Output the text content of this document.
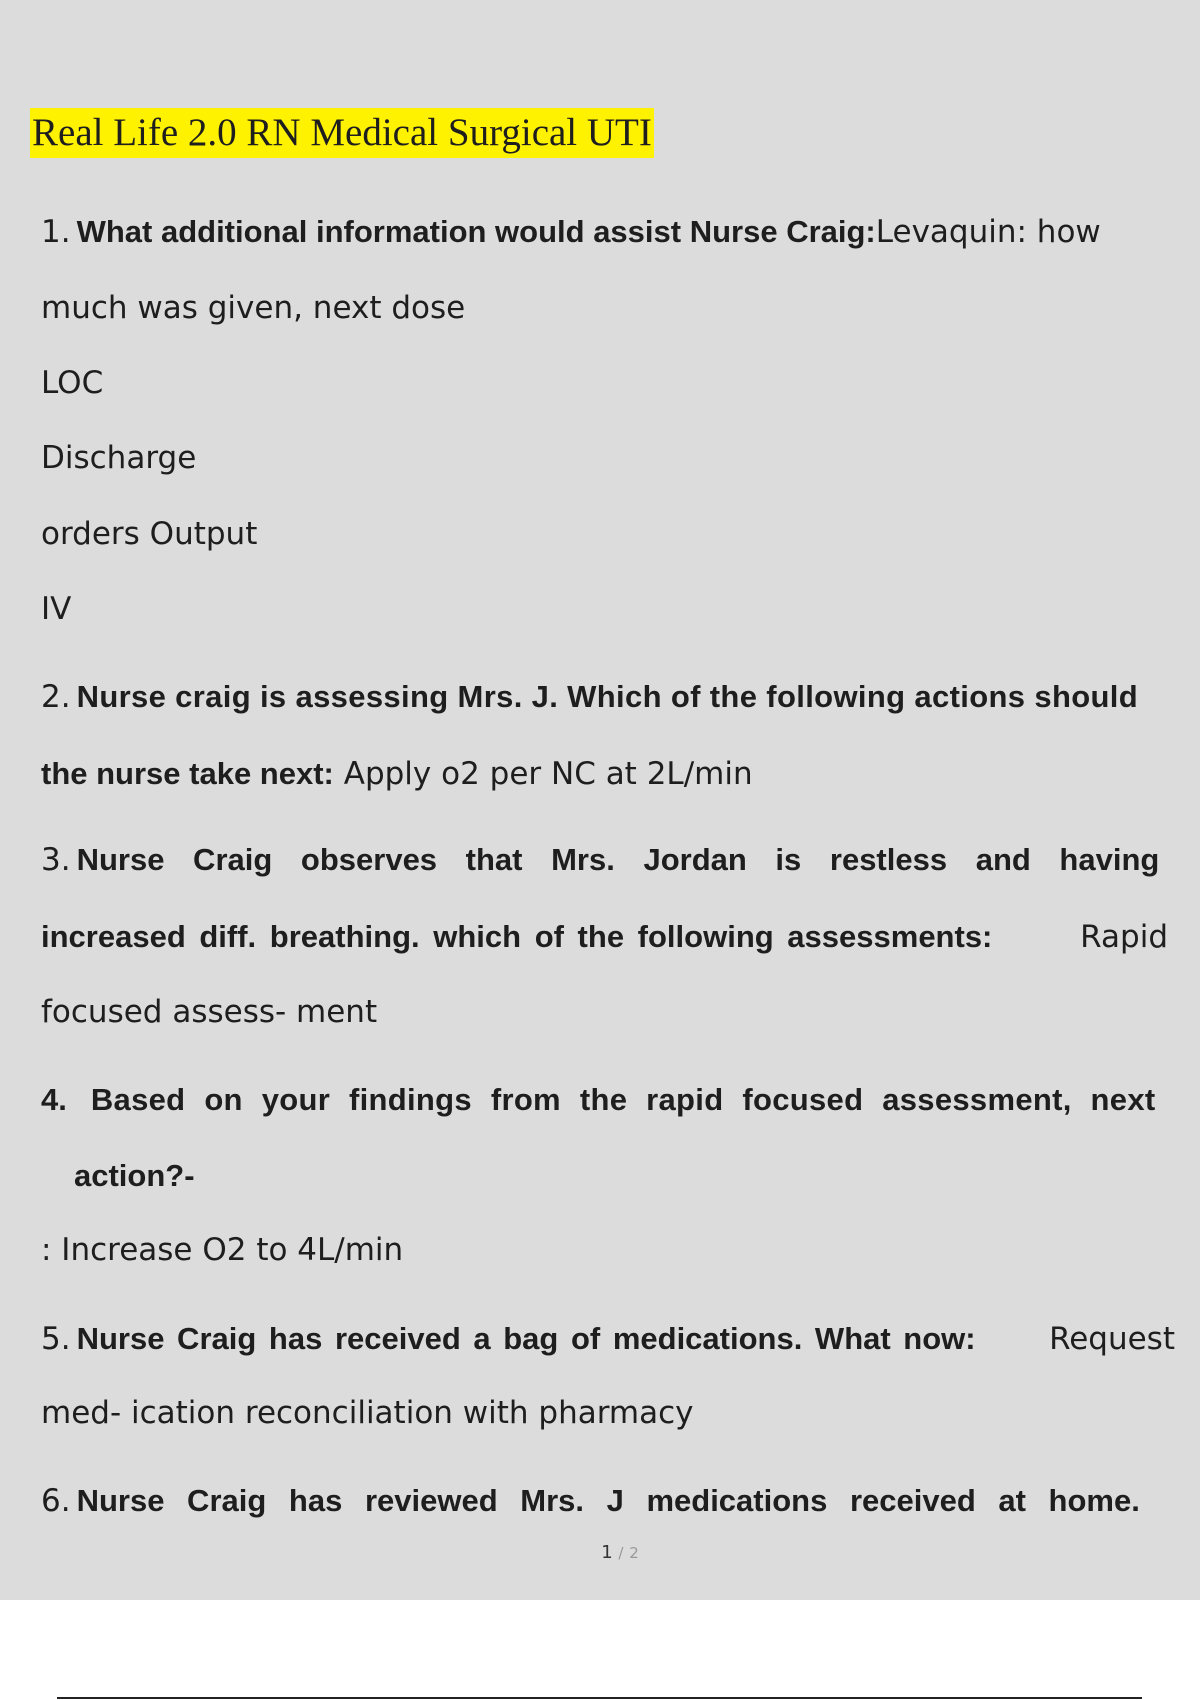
Real Life 2.0 RN Medical Surgical UTI
1. What additional information would assist Nurse Craig: Levaquin: how
much was given, next dose
LOC
Discharge
orders Output
IV
2. Nurse craig is assessing Mrs. J. Which of the following actions should
the nurse take next: Apply o2 per NC at 2L/min
3. Nurse Craig observes that Mrs. Jordan is restless and having
increased diff. breathing. which of the following assessments:	Rapid
focused assess- ment
4. Based on your findings from the rapid focused assessment, next
action?-
: Increase O2 to 4L/min
5. Nurse Craig has received a bag of medications. What now: Request
med- ication reconciliation with pharmacy
6. Nurse Craig has reviewed Mrs. J medications received at home.
1 / 2
